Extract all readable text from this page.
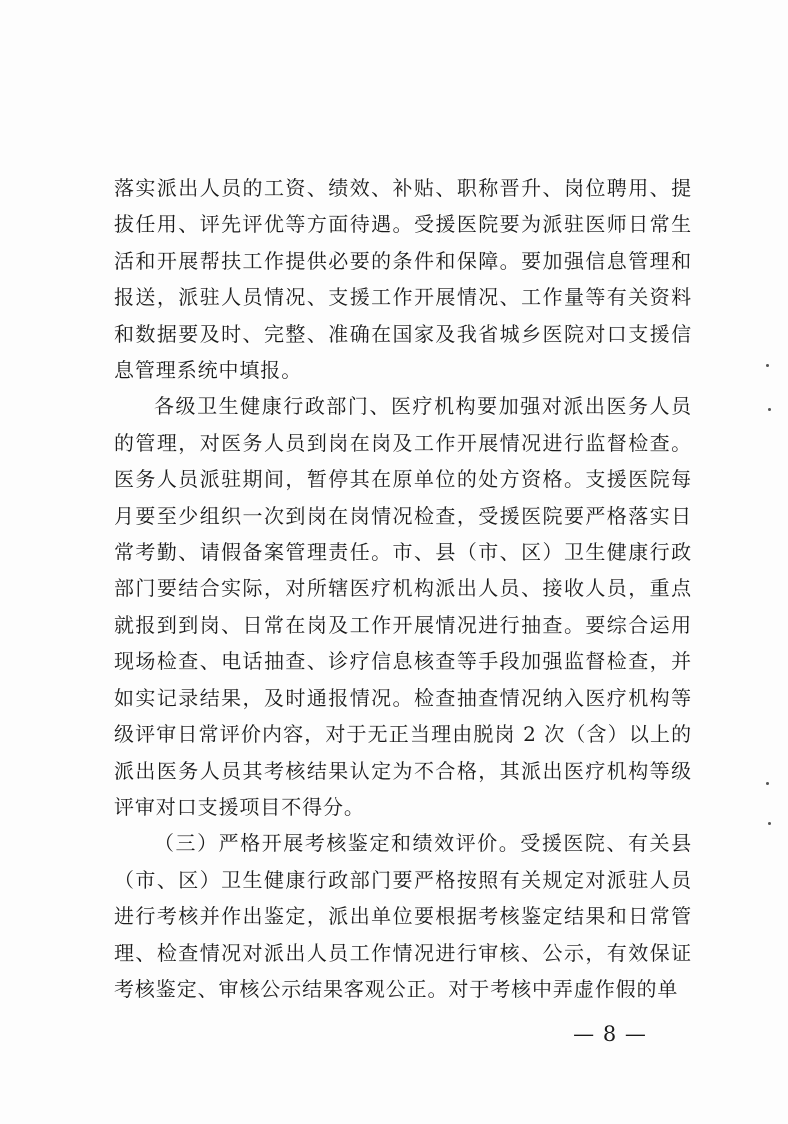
落实派出人员的工资、绩效、补贴、职称晋升、岗位聘用、提拔任用、评先评优等方面待遇。受援医院要为派驻医师日常生活和开展帮扶工作提供必要的条件和保障。要加强信息管理和报送，派驻人员情况、支援工作开展情况、工作量等有关资料和数据要及时、完整、准确在国家及我省城乡医院对口支援信息管理系统中填报。

各级卫生健康行政部门、医疗机构要加强对派出医务人员的管理，对医务人员到岗在岗及工作开展情况进行监督检查。医务人员派驻期间，暂停其在原单位的处方资格。支援医院每月要至少组织一次到岗在岗情况检查，受援医院要严格落实日常考勤、请假备案管理责任。市、县（市、区）卫生健康行政部门要结合实际，对所辖医疗机构派出人员、接收人员，重点就报到到岗、日常在岗及工作开展情况进行抽查。要综合运用现场检查、电话抽查、诊疗信息核查等手段加强监督检查，并如实记录结果，及时通报情况。检查抽查情况纳入医疗机构等级评审日常评价内容，对于无正当理由脱岗 2 次（含）以上的派出医务人员其考核结果认定为不合格，其派出医疗机构等级评审对口支援项目不得分。

（三）严格开展考核鉴定和绩效评价。受援医院、有关县（市、区）卫生健康行政部门要严格按照有关规定对派驻人员进行考核并作出鉴定，派出单位要根据考核鉴定结果和日常管理、检查情况对派出人员工作情况进行审核、公示，有效保证考核鉴定、审核公示结果客观公正。对于考核中弄虚作假的单

— 8 —
